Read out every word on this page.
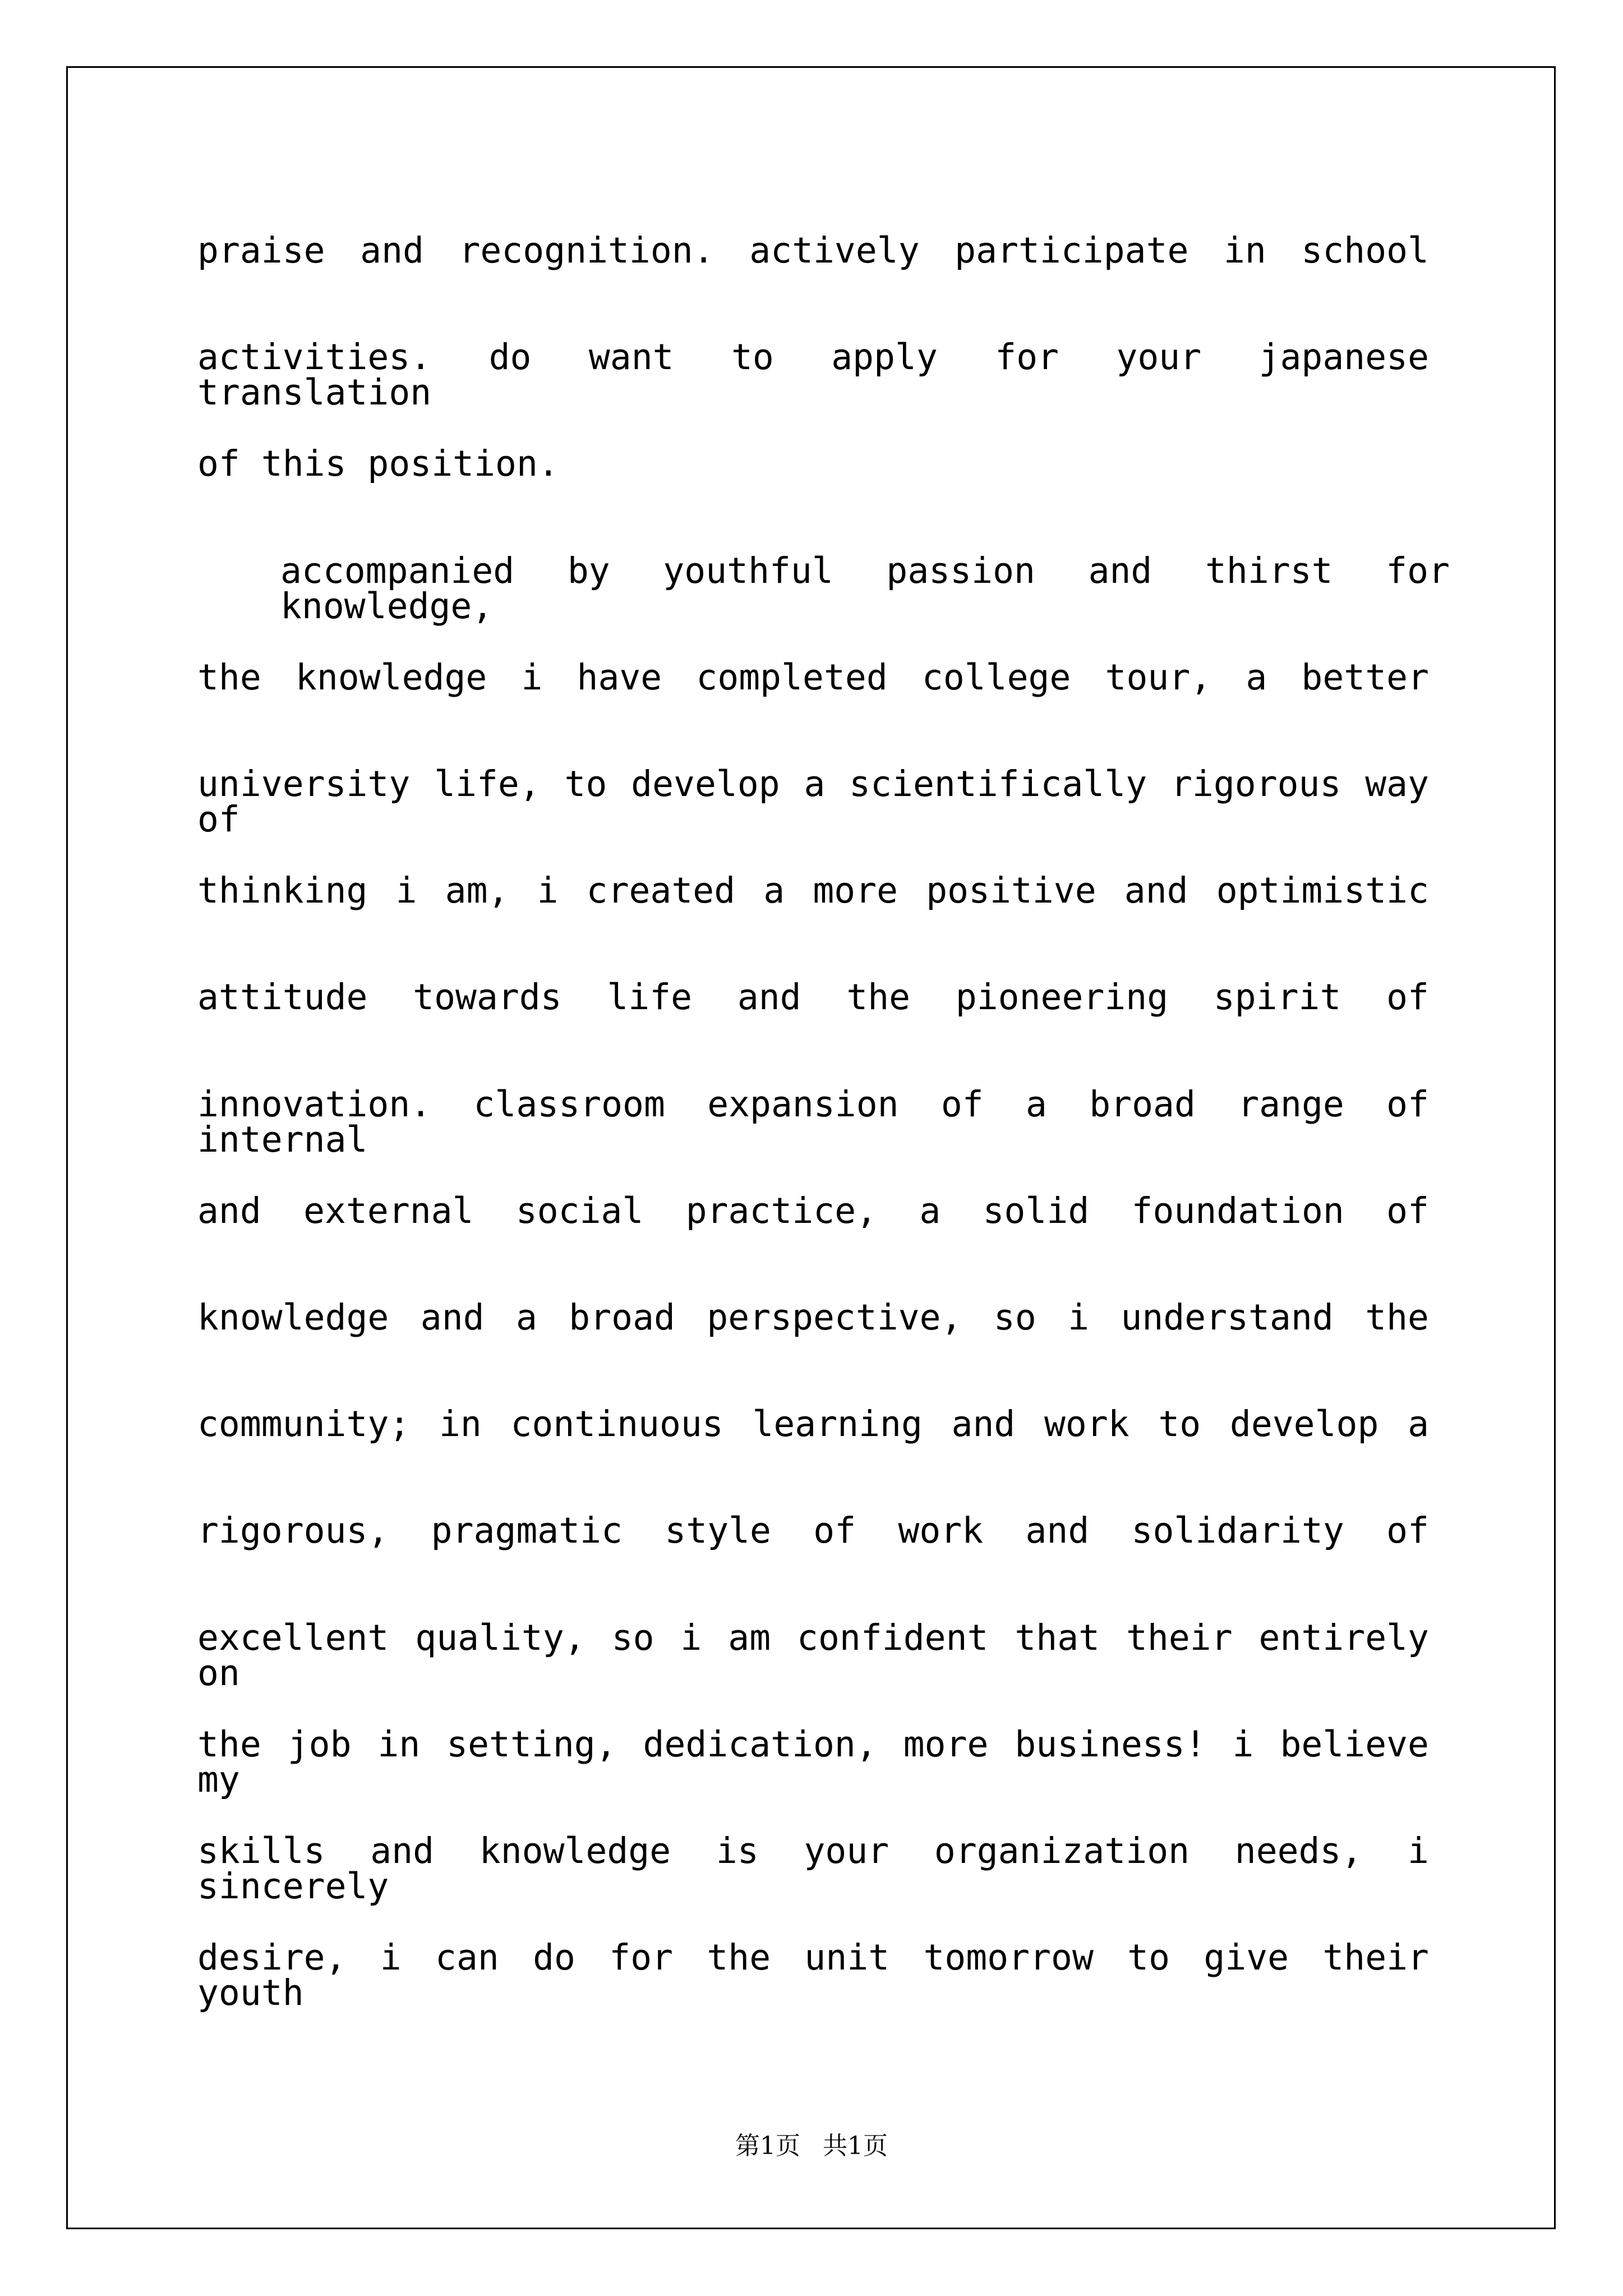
praise and recognition. actively participate in school
activities. do want to apply for your japanese translation
of this position.
accompanied by youthful passion and thirst for knowledge,
the knowledge i have completed college tour, a better
university life, to develop a scientifically rigorous way of
thinking i am, i created a more positive and optimistic
attitude towards life and the pioneering spirit of
innovation. classroom expansion of a broad range of internal
and external social practice, a solid foundation of
knowledge and a broad perspective, so i understand the
community; in continuous learning and work to develop a
rigorous, pragmatic style of work and solidarity of
excellent quality, so i am confident that their entirely on
the job in setting, dedication, more business! i believe my
skills and knowledge is your organization needs, i sincerely
desire, i can do for the unit tomorrow to give their youth
第1页 共1页
